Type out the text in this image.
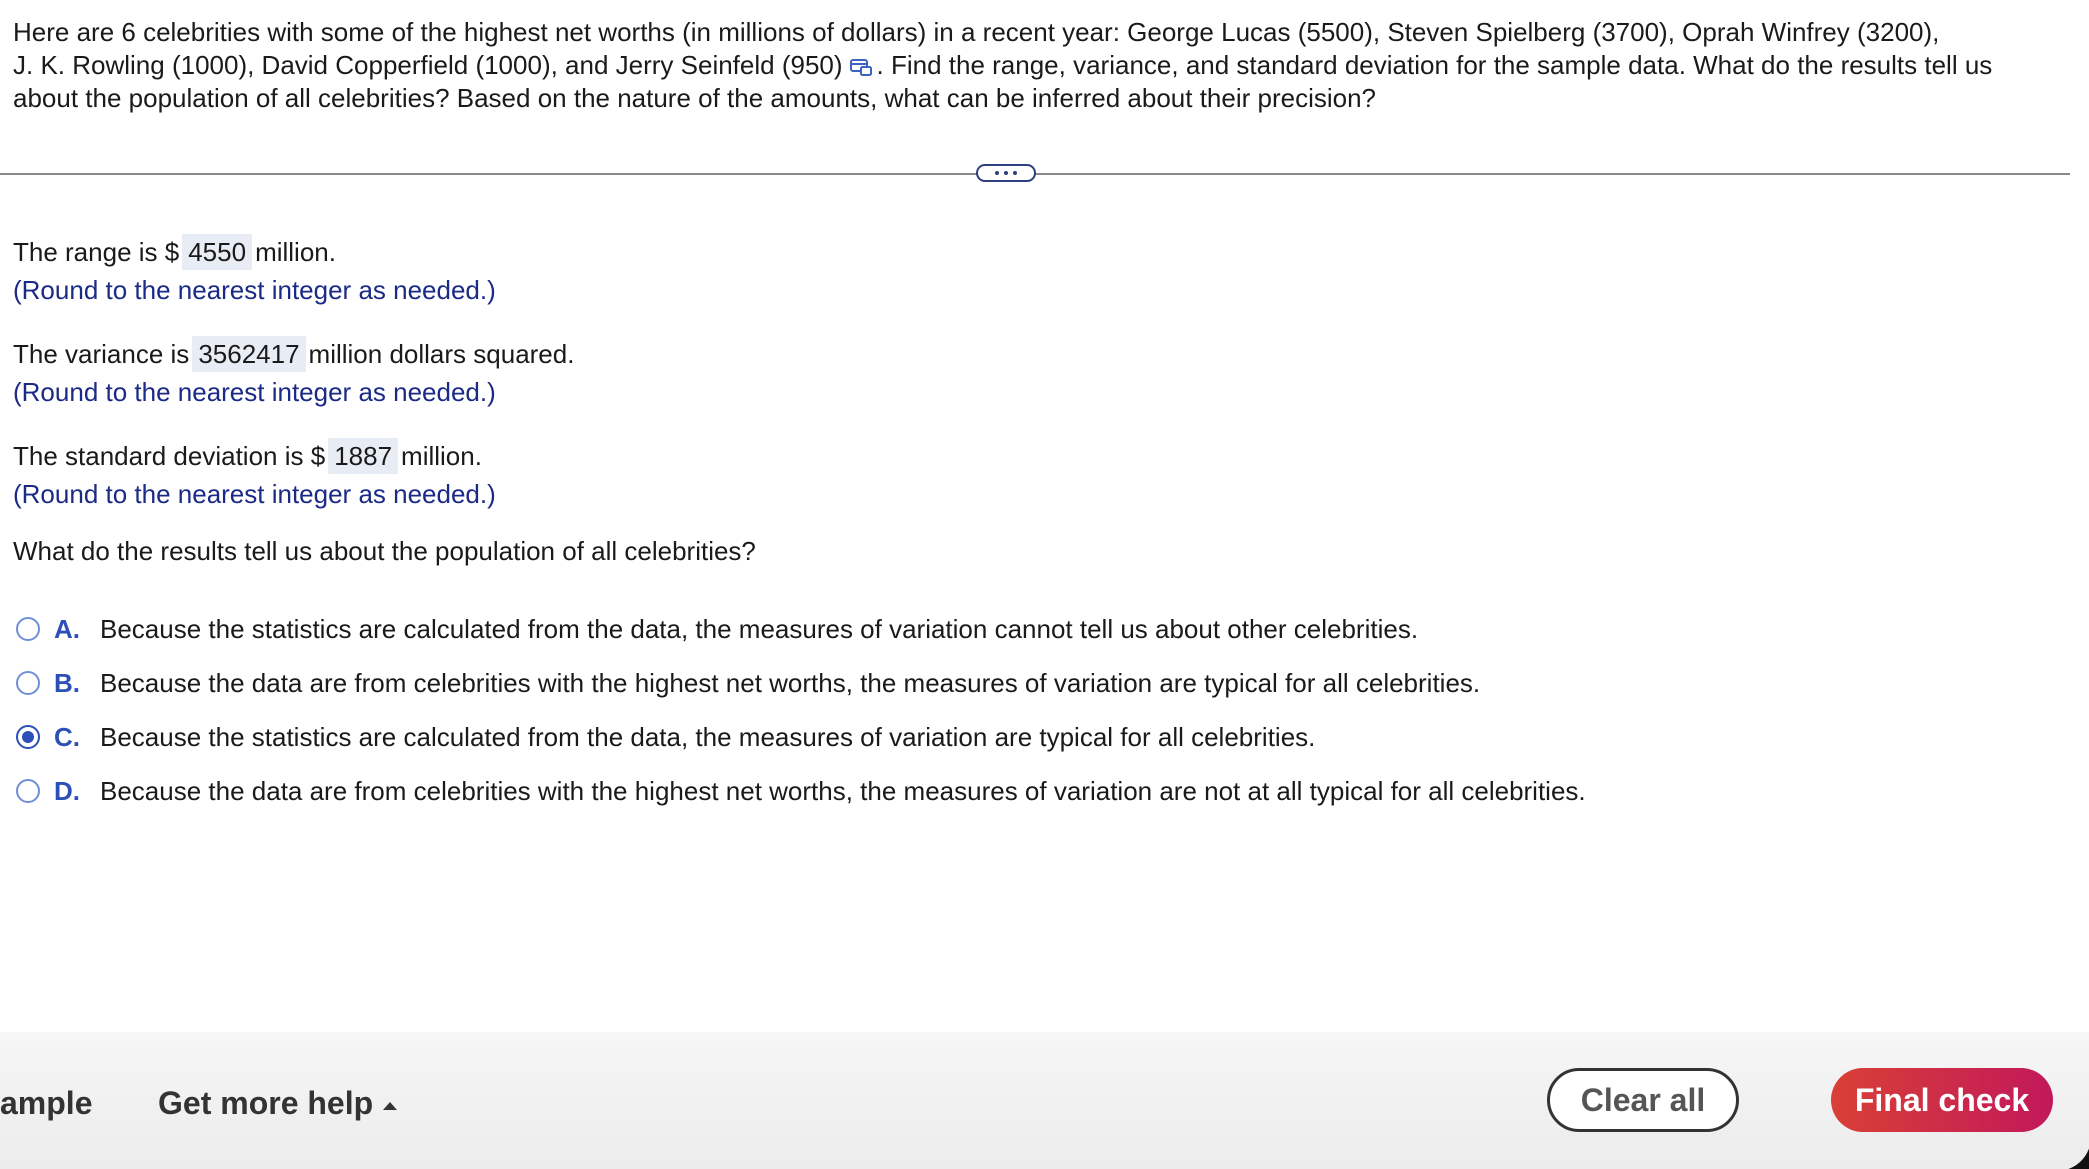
Here are 6 celebrities with some of the highest net worths (in millions of dollars) in a recent year: George Lucas (5500), Steven Spielberg (3700), Oprah Winfrey (3200),
J. K. Rowling (1000), David Copperfield (1000), and Jerry Seinfeld (950) . Find the range, variance, and standard deviation for the sample data. What do the results tell us
about the population of all celebrities? Based on the nature of the amounts, what can be inferred about their precision?
The range is $ 4550 million.
(Round to the nearest integer as needed.)
The variance is 3562417 million dollars squared.
(Round to the nearest integer as needed.)
The standard deviation is $ 1887 million.
(Round to the nearest integer as needed.)
What do the results tell us about the population of all celebrities?
A. Because the statistics are calculated from the data, the measures of variation cannot tell us about other celebrities.
B. Because the data are from celebrities with the highest net worths, the measures of variation are typical for all celebrities.
C. Because the statistics are calculated from the data, the measures of variation are typical for all celebrities.
D. Because the data are from celebrities with the highest net worths, the measures of variation are not at all typical for all celebrities.
ample Get more help	Clear all	Final check
